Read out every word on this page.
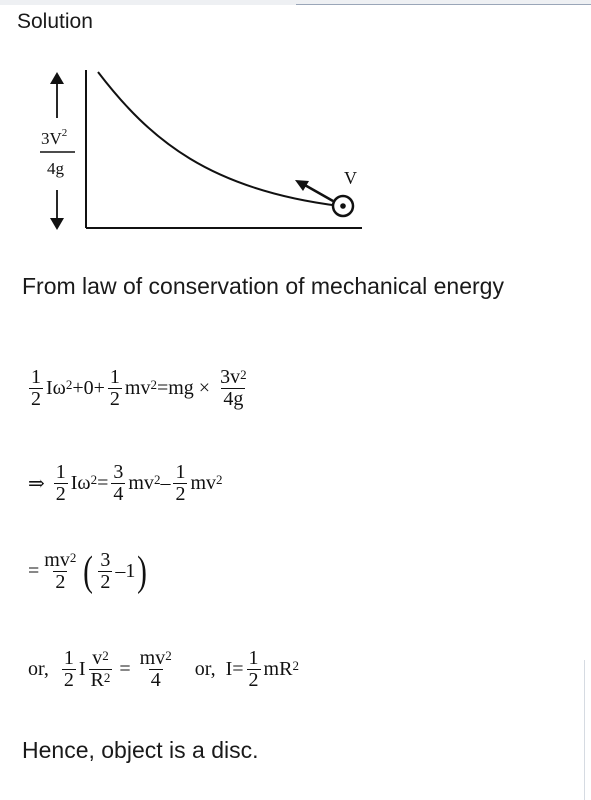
Solution
$3V^2$
4g	V
From law of conservation of mechanical energy
$\frac{1}{2} I\omega^2 +0+ \frac{1}{2} mv^2 =mg \times \frac{3v^2}{4g}$
⇒ $\frac{1}{2} I\omega^2 = \frac{3}{4} mv^2 - \frac{1}{2} mv^2$
= $\frac{mv^2}{2}$ ( $\frac{3}{2} -1$ )
or, $\frac{1}{2}$ I $\frac{v^2}{R^2} = \frac{mv^2}{4}$ or, $I= \frac{1}{2} mR^2$
Hence, object is a disc.
